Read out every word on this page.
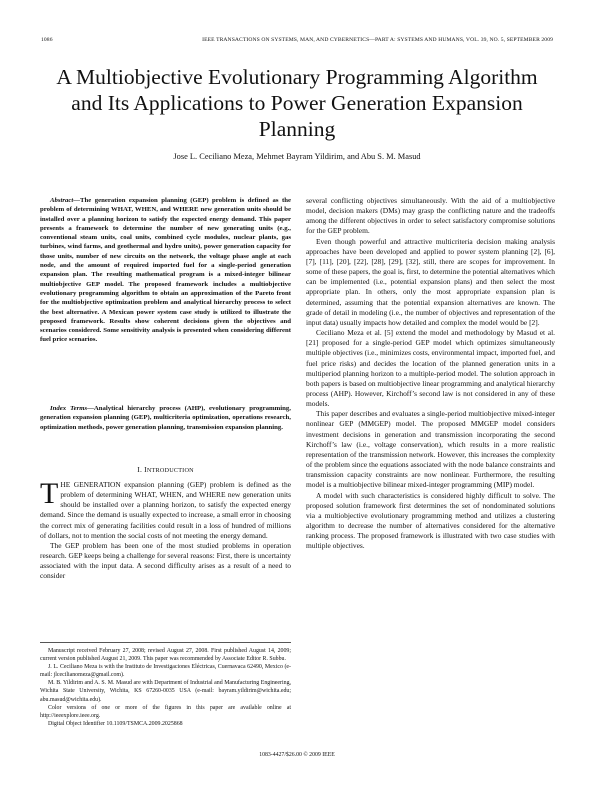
1086	IEEE TRANSACTIONS ON SYSTEMS, MAN, AND CYBERNETICS—PART A: SYSTEMS AND HUMANS, VOL. 39, NO. 5, SEPTEMBER 2009
A Multiobjective Evolutionary Programming Algorithm and Its Applications to Power Generation Expansion Planning
Jose L. Ceciliano Meza, Mehmet Bayram Yildirim, and Abu S. M. Masud

Abstract—The generation expansion planning (GEP) problem is defined as the problem of determining WHAT, WHEN, and WHERE new generation units should be installed over a planning horizon to satisfy the expected energy demand. This paper presents a framework to determine the number of new generating units (e.g., conventional steam units, coal units, combined cycle modules, nuclear plants, gas turbines, wind farms, and geothermal and hydro units), power generation capacity for those units, number of new circuits on the network, the voltage phase angle at each node, and the amount of required imported fuel for a single-period generation expansion plan. The resulting mathematical program is a mixed-integer bilinear multiobjective GEP model. The proposed framework includes a multiobjective evolutionary programming algorithm to obtain an approximation of the Pareto front for the multiobjective optimization problem and analytical hierarchy process to select the best alternative. A Mexican power system case study is utilized to illustrate the proposed framework. Results show coherent decisions given the objectives and scenarios considered. Some sensitivity analysis is presented when considering different fuel price scenarios.

Index Terms—Analytical hierarchy process (AHP), evolutionary programming, generation expansion planning (GEP), multicriteria optimization, operations research, optimization methods, power generation planning, transmission expansion planning.

I. INTRODUCTION

THE GENERATION expansion planning (GEP) problem is defined as the problem of determining WHAT, WHEN, and WHERE new generation units should be installed over a planning horizon, to satisfy the expected energy demand. Since the demand is usually expected to increase, a small error in choosing the correct mix of generating facilities could result in a loss of hundred of millions of dollars, not to mention the social costs of not meeting the energy demand.

The GEP problem has been one of the most studied problems in operation research. GEP keeps being a challenge for several reasons: First, there is uncertainty associated with the input data. A second difficulty arises as a result of a need to consider

Manuscript received February 27, 2008; revised August 27, 2008. First published August 14, 2009; current version published August 21, 2009. This paper was recommended by Associate Editor R. Subbu.

J. L. Ceciliano Meza is with the Instituto de Investigaciones Eléctricas, Cuernavaca 62490, Mexico (e-mail: jlcecilianomeza@gmail.com).

M. B. Yildirim and A. S. M. Masud are with Department of Industrial and Manufacturing Engineering, Wichita State University, Wichita, KS 67260-0035 USA (e-mail: bayram.yildirim@wichita.edu; abu.masud@wichita.edu).

Color versions of one or more of the figures in this paper are available online at http://ieeexplore.ieee.org.

Digital Object Identifier 10.1109/TSMCA.2009.2025868

several conflicting objectives simultaneously. With the aid of a multiobjective model, decision makers (DMs) may grasp the conflicting nature and the tradeoffs among the different objectives in order to select satisfactory compromise solutions for the GEP problem.

Even though powerful and attractive multicriteria decision making analysis approaches have been developed and applied to power system planning [2], [6], [7], [11], [20], [22], [28], [29], [32], still, there are scopes for improvement. In some of these papers, the goal is, first, to determine the potential alternatives which can be implemented (i.e., potential expansion plans) and then select the most appropriate plan. In others, only the most appropriate expansion plan is determined, assuming that the potential expansion alternatives are known. The grade of detail in modeling (i.e., the number of objectives and representation of the input data) usually impacts how detailed and complex the model would be [2].

Ceciliano Meza et al. [5] extend the model and methodology by Masud et al. [21] proposed for a single-period GEP model which optimizes simultaneously multiple objectives (i.e., minimizes costs, environmental impact, imported fuel, and fuel price risks) and decides the location of the planned generation units in a multiperiod planning horizon to a multiple-period model. The solution approach in both papers is based on multiobjective linear programming and analytical hierarchy process (AHP). However, Kirchoff’s second law is not considered in any of these models.

This paper describes and evaluates a single-period multiobjective mixed-integer nonlinear GEP (MMGEP) model. The proposed MMGEP model considers investment decisions in generation and transmission incorporating the second Kirchoff’s law (i.e., voltage conservation), which results in a more realistic representation of the transmission network. However, this increases the complexity of the problem since the equations associated with the node balance constraints and transmission capacity constraints are now nonlinear. Furthermore, the resulting model is a multiobjective bilinear mixed-integer programming (MIP) model.

A model with such characteristics is considered highly difficult to solve. The proposed solution framework first determines the set of nondominated solutions via a multiobjective evolutionary programming method and utilizes a clustering algorithm to decrease the number of alternatives considered for the alternative ranking process. The proposed framework is illustrated with two case studies with multiple objectives.

1083-4427/$26.00 © 2009 IEEE
